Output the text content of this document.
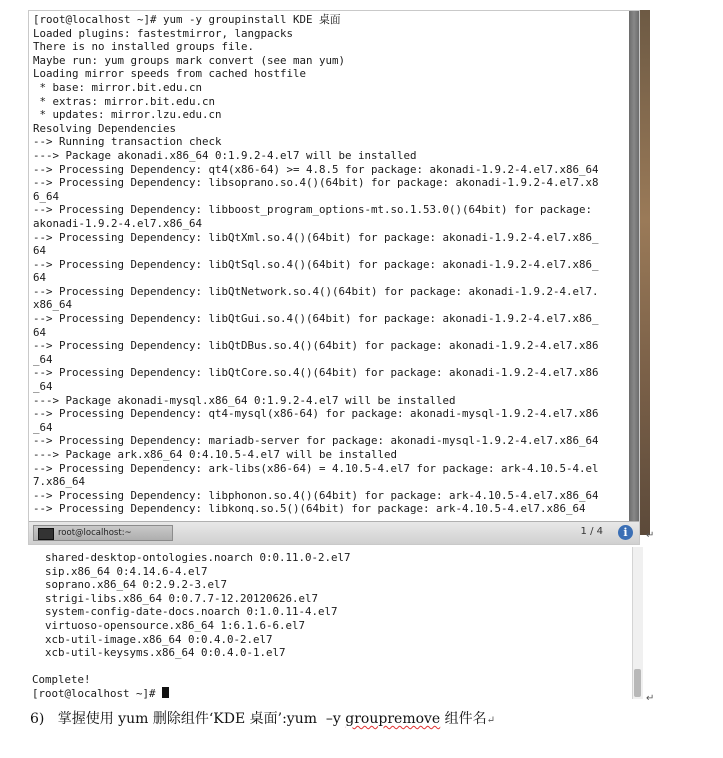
[root@localhost ~]# yum -y groupinstall KDE 桌面
Loaded plugins: fastestmirror, langpacks
There is no installed groups file.
Maybe run: yum groups mark convert (see man yum)
Loading mirror speeds from cached hostfile
* base: mirror.bit.edu.cn
* extras: mirror.bit.edu.cn
* updates: mirror.lzu.edu.cn
Resolving Dependencies
--> Running transaction check
---> Package akonadi.x86_64 0:1.9.2-4.el7 will be installed
--> Processing Dependency: qt4(x86-64) >= 4.8.5 for package: akonadi-1.9.2-4.el7.x86_64
--> Processing Dependency: libsoprano.so.4()(64bit) for package: akonadi-1.9.2-4.el7.x8
6_64
--> Processing Dependency: libboost_program_options-mt.so.1.53.0()(64bit) for package:
akonadi-1.9.2-4.el7.x86_64
--> Processing Dependency: libQtXml.so.4()(64bit) for package: akonadi-1.9.2-4.el7.x86_
64
--> Processing Dependency: libQtSql.so.4()(64bit) for package: akonadi-1.9.2-4.el7.x86_
64
--> Processing Dependency: libQtNetwork.so.4()(64bit) for package: akonadi-1.9.2-4.el7.
x86_64
--> Processing Dependency: libQtGui.so.4()(64bit) for package: akonadi-1.9.2-4.el7.x86_
64
--> Processing Dependency: libQtDBus.so.4()(64bit) for package: akonadi-1.9.2-4.el7.x86
_64
--> Processing Dependency: libQtCore.so.4()(64bit) for package: akonadi-1.9.2-4.el7.x86
_64
---> Package akonadi-mysql.x86_64 0:1.9.2-4.el7 will be installed
--> Processing Dependency: qt4-mysql(x86-64) for package: akonadi-mysql-1.9.2-4.el7.x86
_64
--> Processing Dependency: mariadb-server for package: akonadi-mysql-1.9.2-4.el7.x86_64
---> Package ark.x86_64 0:4.10.5-4.el7 will be installed
--> Processing Dependency: ark-libs(x86-64) = 4.10.5-4.el7 for package: ark-4.10.5-4.el
7.x86_64
--> Processing Dependency: libphonon.so.4()(64bit) for package: ark-4.10.5-4.el7.x86_64
--> Processing Dependency: libkonq.so.5()(64bit) for package: ark-4.10.5-4.el7.x86_64
root@localhost:~	1 / 4	i	↵
shared-desktop-ontologies.noarch 0:0.11.0-2.el7
sip.x86_64 0:4.14.6-4.el7
soprano.x86_64 0:2.9.2-3.el7
strigi-libs.x86_64 0:0.7.7-12.20120626.el7
system-config-date-docs.noarch 0:1.0.11-4.el7
virtuoso-opensource.x86_64 1:6.1.6-6.el7
xcb-util-image.x86_64 0:0.4.0-2.el7
xcb-util-keysyms.x86_64 0:0.4.0-1.el7
Complete!
[root@localhost ~]#	↵
6) 掌握使用 yum 删除组件‘KDE 桌面’:yum  –y groupremove 组件名↵
